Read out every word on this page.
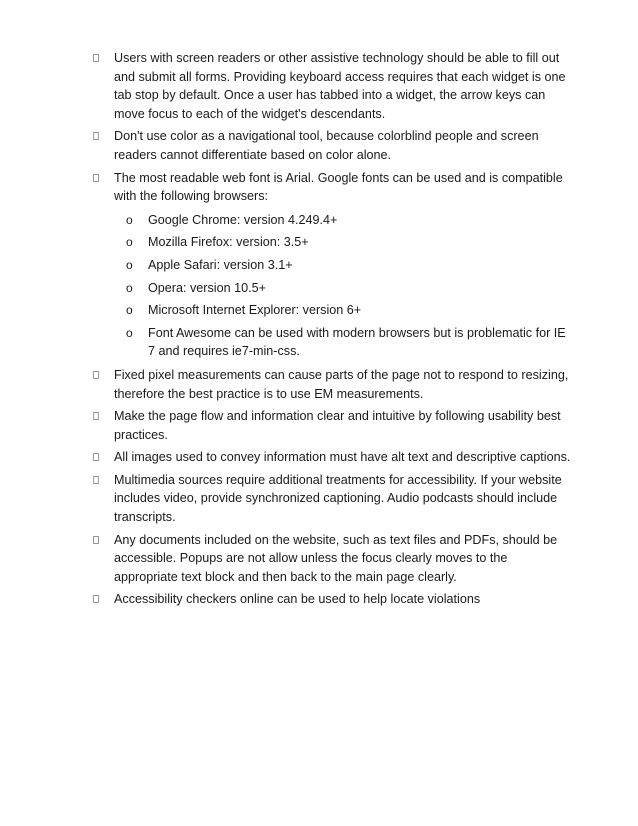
Users with screen readers or other assistive technology should be able to fill out and submit all forms. Providing keyboard access requires that each widget is one tab stop by default. Once a user has tabbed into a widget, the arrow keys can move focus to each of the widget's descendants.
Don't use color as a navigational tool, because colorblind people and screen readers cannot differentiate based on color alone.
The most readable web font is Arial. Google fonts can be used and is compatible with the following browsers:
o Google Chrome: version 4.249.4+
o Mozilla Firefox: version: 3.5+
o Apple Safari: version 3.1+
o Opera: version 10.5+
o Microsoft Internet Explorer: version 6+
o Font Awesome can be used with modern browsers but is problematic for IE 7 and requires ie7-min-css.
Fixed pixel measurements can cause parts of the page not to respond to resizing, therefore the best practice is to use EM measurements.
Make the page flow and information clear and intuitive by following usability best practices.
All images used to convey information must have alt text and descriptive captions.
Multimedia sources require additional treatments for accessibility. If your website includes video, provide synchronized captioning. Audio podcasts should include transcripts.
Any documents included on the website, such as text files and PDFs, should be accessible. Popups are not allow unless the focus clearly moves to the appropriate text block and then back to the main page clearly.
Accessibility checkers online can be used to help locate violations
